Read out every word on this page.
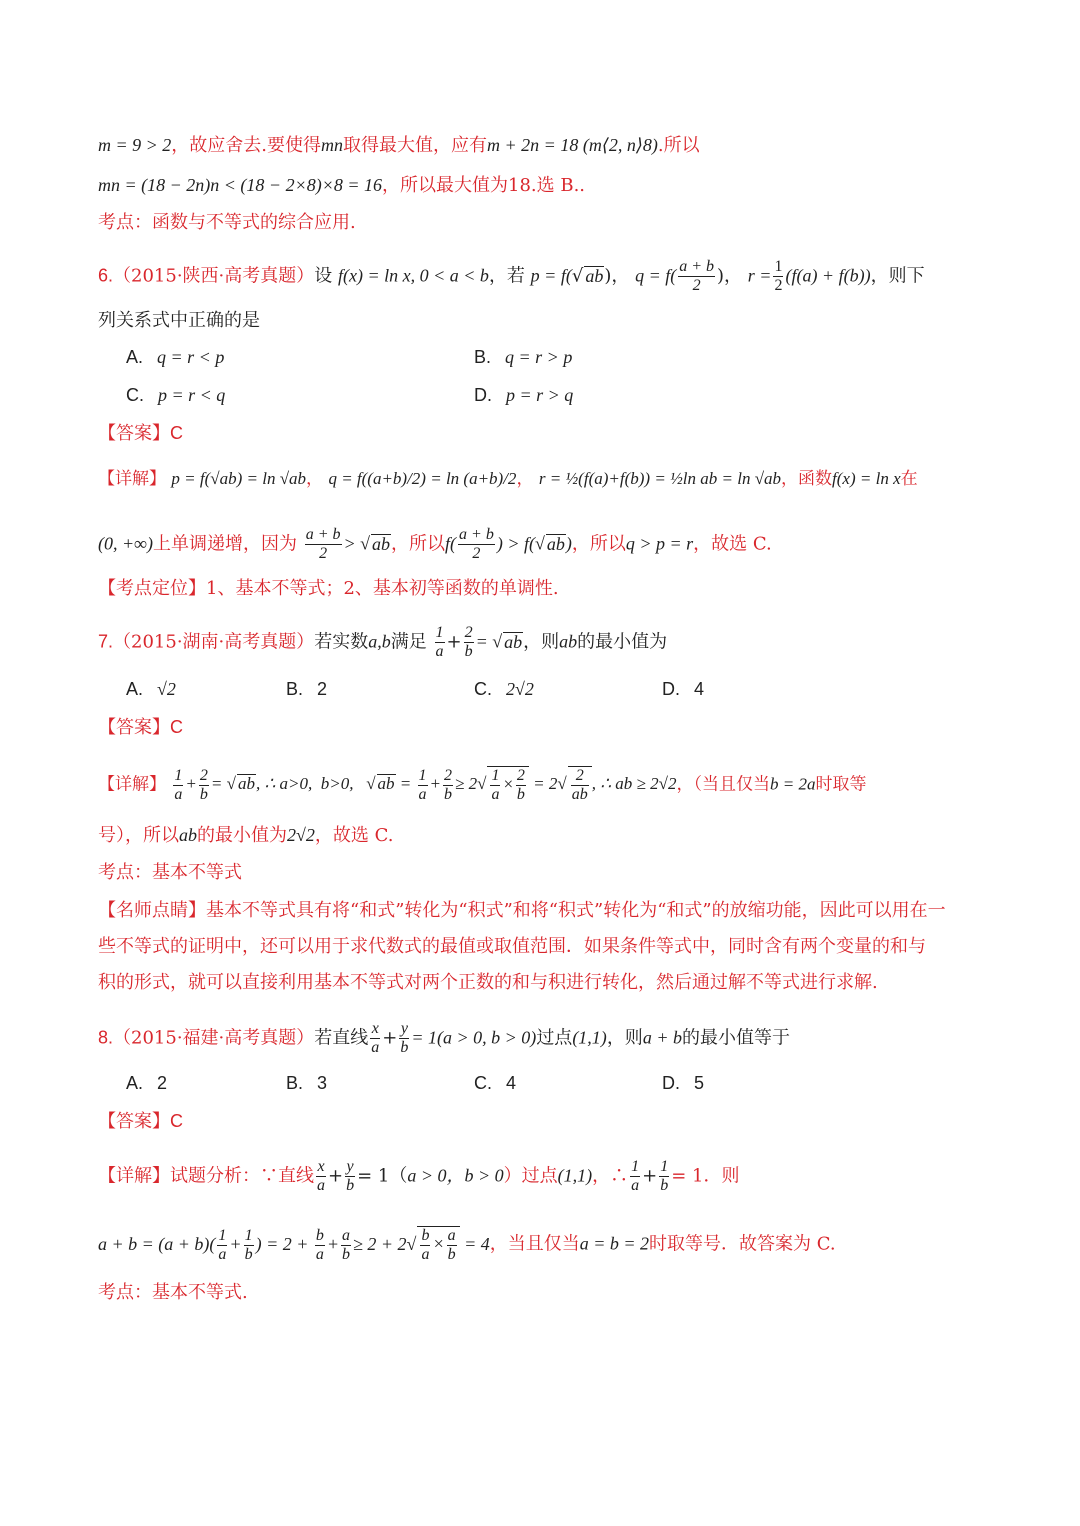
m = 9 > 2，故应舍去.要使得mn取得最大值，应有m + 2n = 18 (m⟨2, n⟩8).所以
mn = (18 − 2n)n < (18 − 2×8)×8 = 16，所以最大值为18.选 B..
考点：函数与不等式的综合应用.
6.（2015·陕西·高考真题）设 f(x) = ln x, 0 < a < b，若 p = f(√ ab)， $q = f( \frac{a + b}{2}$ )， $r = \frac{1}{2} (f(a) + f(b))$，则下
列关系式中正确的是
A. q = r < p	B. q = r > p
C. p = r < q	D. p = r > q
【答案】C
【详解】 p = f(√ab) = ln √ab， q = f((a+b)/2) = ln (a+b)/2， r = ½(f(a)+f(b)) = ½ln ab = ln √ab，函数f(x) = ln x在
(0, +∞)上单调递增，因为 $\frac{a + b}{2}$ > √ ab，所以$f( \frac{a + b}{2}$ ) > f(√ ab)，所以q > p = r，故选 C.
【考点定位】1、基本不等式；2、基本初等函数的单调性.
7.（2015·湖南·高考真题）若实数a,b满足 $\frac{1}{a} + \frac{2}{b}$ = √ ab，则ab的最小值为
A. √2	B. 2	C. 2√2	D. 4
【答案】C
【详解】 $\frac{1}{a} + \frac{2}{b}$ = √ ab, ∴ a>0,  b>0,   √ ab = $\frac{1}{a} + \frac{2}{b} \ge 2√ \frac{1}{a} \times \frac{2}{b} = 2√ \frac{2}{ab}$ , ∴ ab ≥ 2√2，（当且仅当b = 2a时取等
号），所以ab的最小值为2√2，故选 C.
考点：基本不等式
【名师点睛】基本不等式具有将“和式”转化为“积式”和将“积式”转化为“和式”的放缩功能，因此可以用在一
些不等式的证明中，还可以用于求代数式的最值或取值范围．如果条件等式中，同时含有两个变量的和与
积的形式，就可以直接利用基本不等式对两个正数的和与积进行转化，然后通过解不等式进行求解.
8.（2015·福建·高考真题）若直线 $\frac{x}{a} + \frac{y}{b} = 1(a > 0$, b > 0)过点(1,1)，则a + b的最小值等于
A. 2	B. 3	C. 4	D. 5
【答案】C
【详解】试题分析：∵直线 $\frac{x}{a} + \frac{y}{b} = 1(a > 0$，b > 0）过点(1,1)，∴ $\frac{1}{a} + \frac{1}{b} = 1$．则
$a + b = (a + b)( \frac{1}{a} + \frac{1}{b}$ ) = $2 + \frac{b}{a} + \frac{a}{b} \ge 2 + 2√ \frac{b}{a} \times \frac{a}{b} = 4$，当且仅当a = b = 2时取等号．故答案为 C.
考点：基本不等式.
